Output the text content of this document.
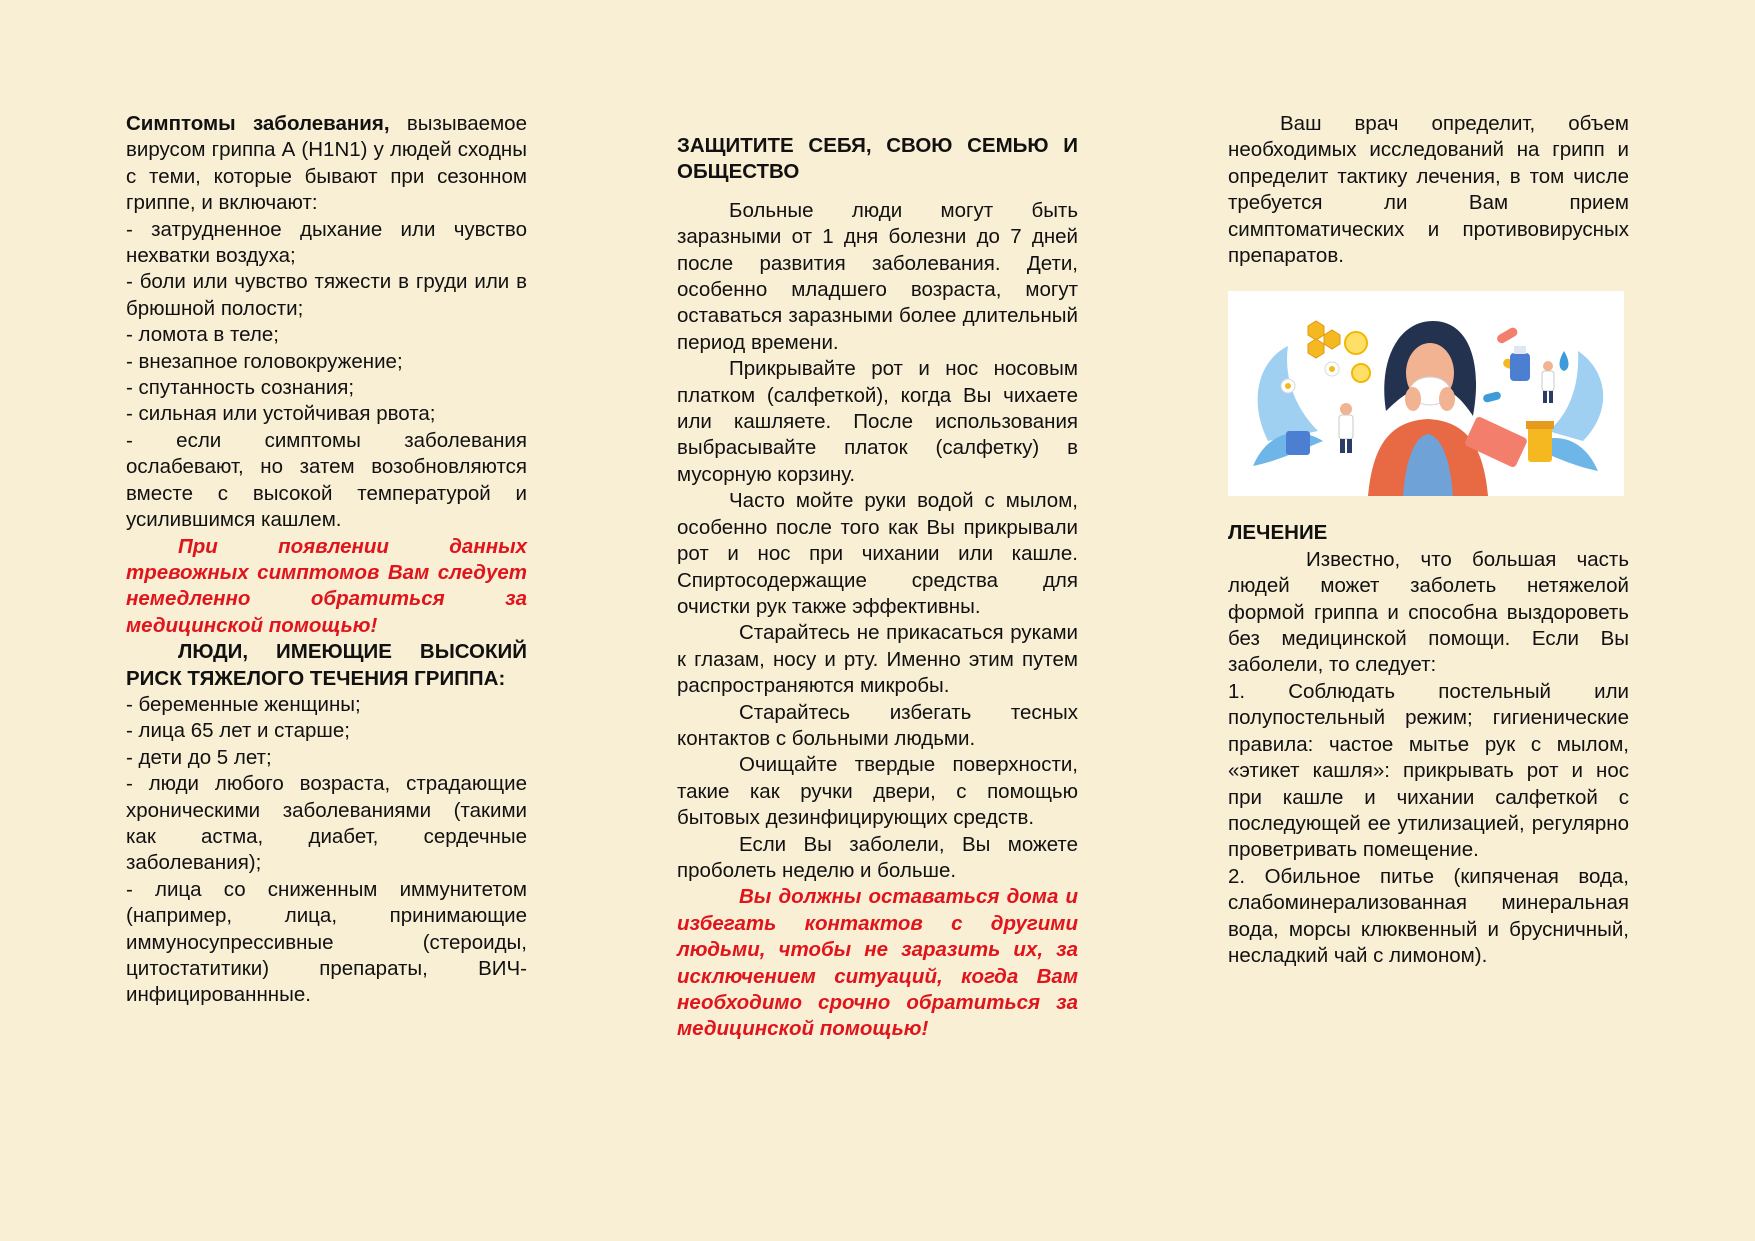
Симптомы заболевания, вызываемое вирусом гриппа А (H1N1) у людей сходны с теми, которые бывают при сезонном гриппе, и включают:

- затрудненное дыхание или чувство нехватки воздуха;

- боли или чувство тяжести в груди или в брюшной полости;

- ломота в теле;

- внезапное головокружение;

- спутанность сознания;

- сильная или устойчивая рвота;

- если симптомы заболевания ослабевают, но затем возобновляются вместе с высокой температурой и усилившимся кашлем.

При появлении данных тревожных симптомов Вам следует немедленно обратиться за медицинской помощью!

ЛЮДИ, ИМЕЮЩИЕ ВЫСОКИЙ РИСК ТЯЖЕЛОГО ТЕЧЕНИЯ ГРИППА:

- беременные женщины;

- лица 65 лет и старше;

- дети до 5 лет;

- люди любого возраста, страдающие хроническими заболеваниями (такими как астма, диабет, сердечные заболевания);

- лица со сниженным иммунитетом (например, лица, принимающие иммуносупрессивные (стероиды, цитостатитики) препараты, ВИЧ-инфицированнные.

ЗАЩИТИТЕ СЕБЯ, СВОЮ СЕМЬЮ И ОБЩЕСТВО

Больные люди могут быть заразными от 1 дня болезни до 7 дней после развития заболевания. Дети, особенно младшего возраста, могут оставаться заразными более длительный период времени.

Прикрывайте рот и нос носовым платком (салфеткой), когда Вы чихаете или кашляете. После использования выбрасывайте платок (салфетку) в мусорную корзину.

Часто мойте руки водой с мылом, особенно после того как Вы прикрывали рот и нос при чихании или кашле. Спиртосодержащие средства для очистки рук также эффективны.

Старайтесь не прикасаться руками к глазам, носу и рту. Именно этим путем распространяются микробы.

Старайтесь избегать тесных контактов с больными людьми.

Очищайте твердые поверхности, такие как ручки двери, с помощью бытовых дезинфицирующих средств.

Если Вы заболели, Вы можете проболеть неделю и больше.

Вы должны оставаться дома и избегать контактов с другими людьми, чтобы не заразить их, за исключением ситуаций, когда Вам необходимо срочно обратиться за медицинской помощью!

Ваш врач определит, объем необходимых исследований на грипп и определит тактику лечения, в том числе требуется ли Вам прием симптоматических и противовирусных препаратов.

ЛЕЧЕНИЕ

Известно, что большая часть людей может заболеть нетяжелой формой гриппа и способна выздороветь без медицинской помощи. Если Вы заболели, то следует:

1. Соблюдать постельный или полупостельный режим; гигиенические правила: частое мытье рук с мылом, «этикет кашля»: прикрывать рот и нос при кашле и чихании салфеткой с последующей ее утилизацией, регулярно проветривать помещение.

2. Обильное питье (кипяченая вода, слабоминерализованная минеральная вода, морсы клюквенный и брусничный, несладкий чай с лимоном).
